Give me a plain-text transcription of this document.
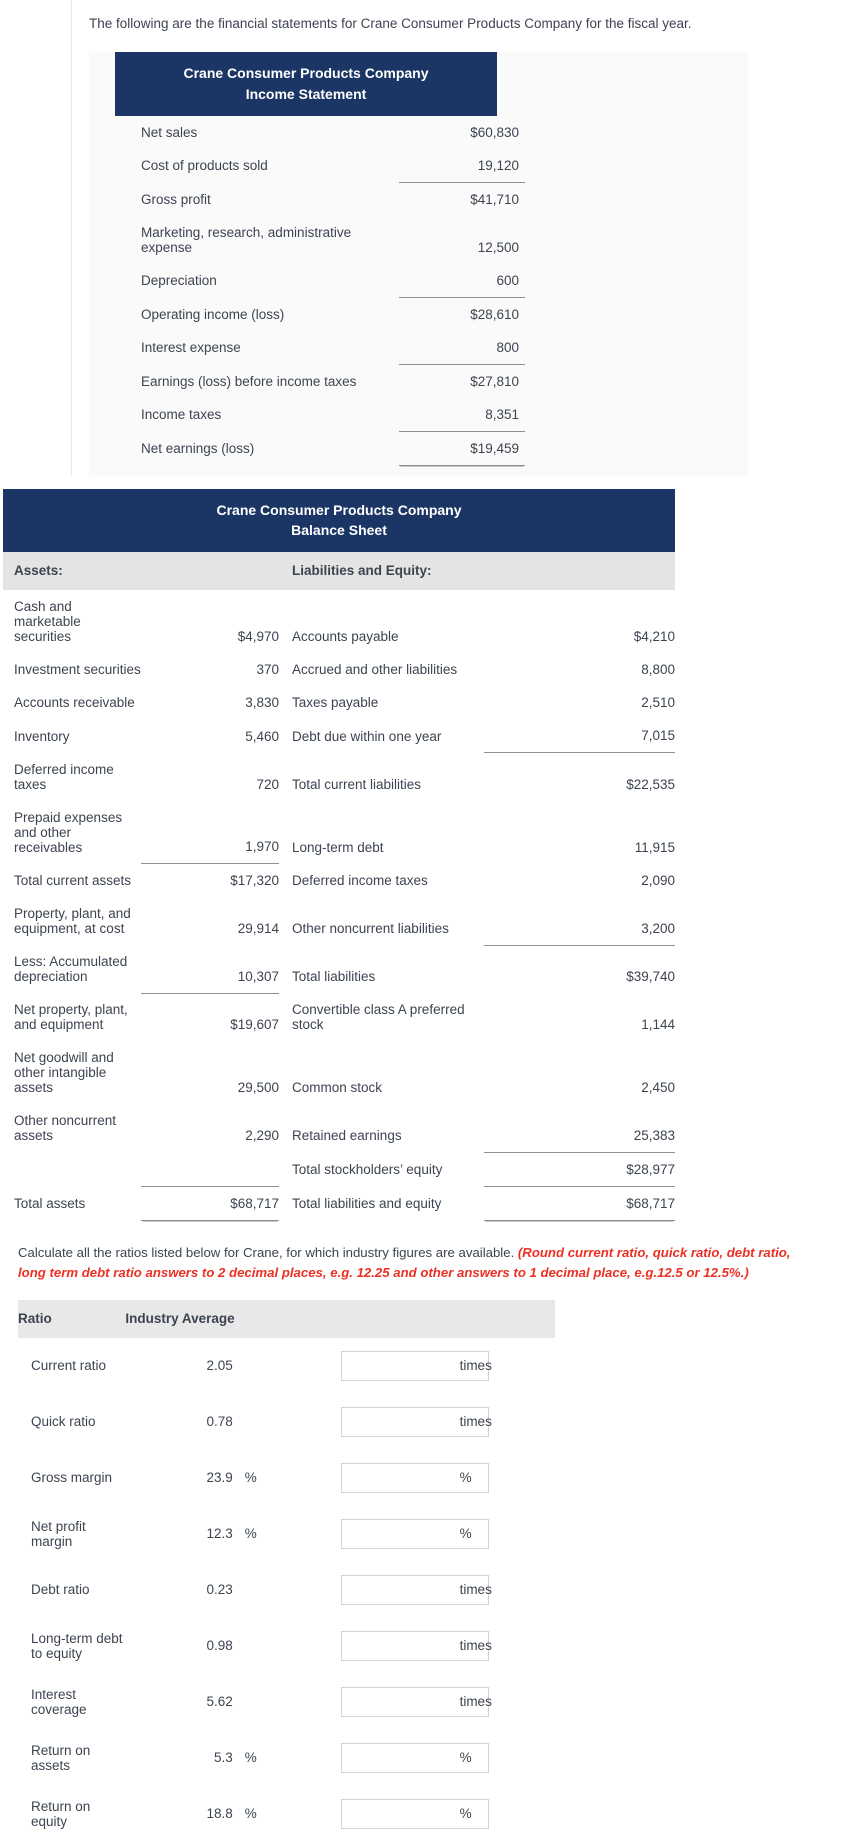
The following are the financial statements for Crane Consumer Products Company for the fiscal year.

Crane Consumer Products Company
Income Statement
Net sales	$60,830
Cost of products sold	19,120
Gross profit	$41,710
Marketing, research, administrative expense	12,500
Depreciation	600
Operating income (loss)	$28,610
Interest expense	800
Earnings (loss) before income taxes	$27,810
Income taxes	8,351
Net earnings (loss)	$19,459
Crane Consumer Products Company
Balance Sheet
Assets:			Liabilities and Equity:	
Cash and marketable securities	$4,970		Accounts payable	$4,210
Investment securities	370		Accrued and other liabilities	8,800
Accounts receivable	3,830		Taxes payable	2,510
Inventory	5,460		Debt due within one year	7,015
Deferred income taxes	720		Total current liabilities	$22,535
Prepaid expenses and other receivables	1,970		Long-term debt	11,915
Total current assets	$17,320		Deferred income taxes	2,090
Property, plant, and equipment, at cost	29,914		Other noncurrent liabilities	3,200
Less: Accumulated depreciation	10,307		Total liabilities	$39,740
Net property, plant, and equipment	$19,607		Convertible class A preferred stock	1,144
Net goodwill and other intangible assets	29,500		Common stock	2,450
Other noncurrent assets	2,290		Retained earnings	25,383
			Total stockholders’ equity	$28,977
Total assets	$68,717		Total liabilities and equity	$68,717

Calculate all the ratios listed below for Crane, for which industry figures are available. (Round current ratio, quick ratio, debt ratio, long term debt ratio answers to 2 decimal places, e.g. 12.25 and other answers to 1 decimal place, e.g.12.5 or 12.5%.)

Ratio	Industry Average			
Current ratio	2.05			times
Quick ratio	0.78			times
Gross margin	23.9	%		%
Net profit margin	12.3	%		%
Debt ratio	0.23			times
Long-term debt to equity	0.98			times
Interest coverage	5.62			times
Return on assets	5.3	%		%
Return on equity	18.8	%		%
